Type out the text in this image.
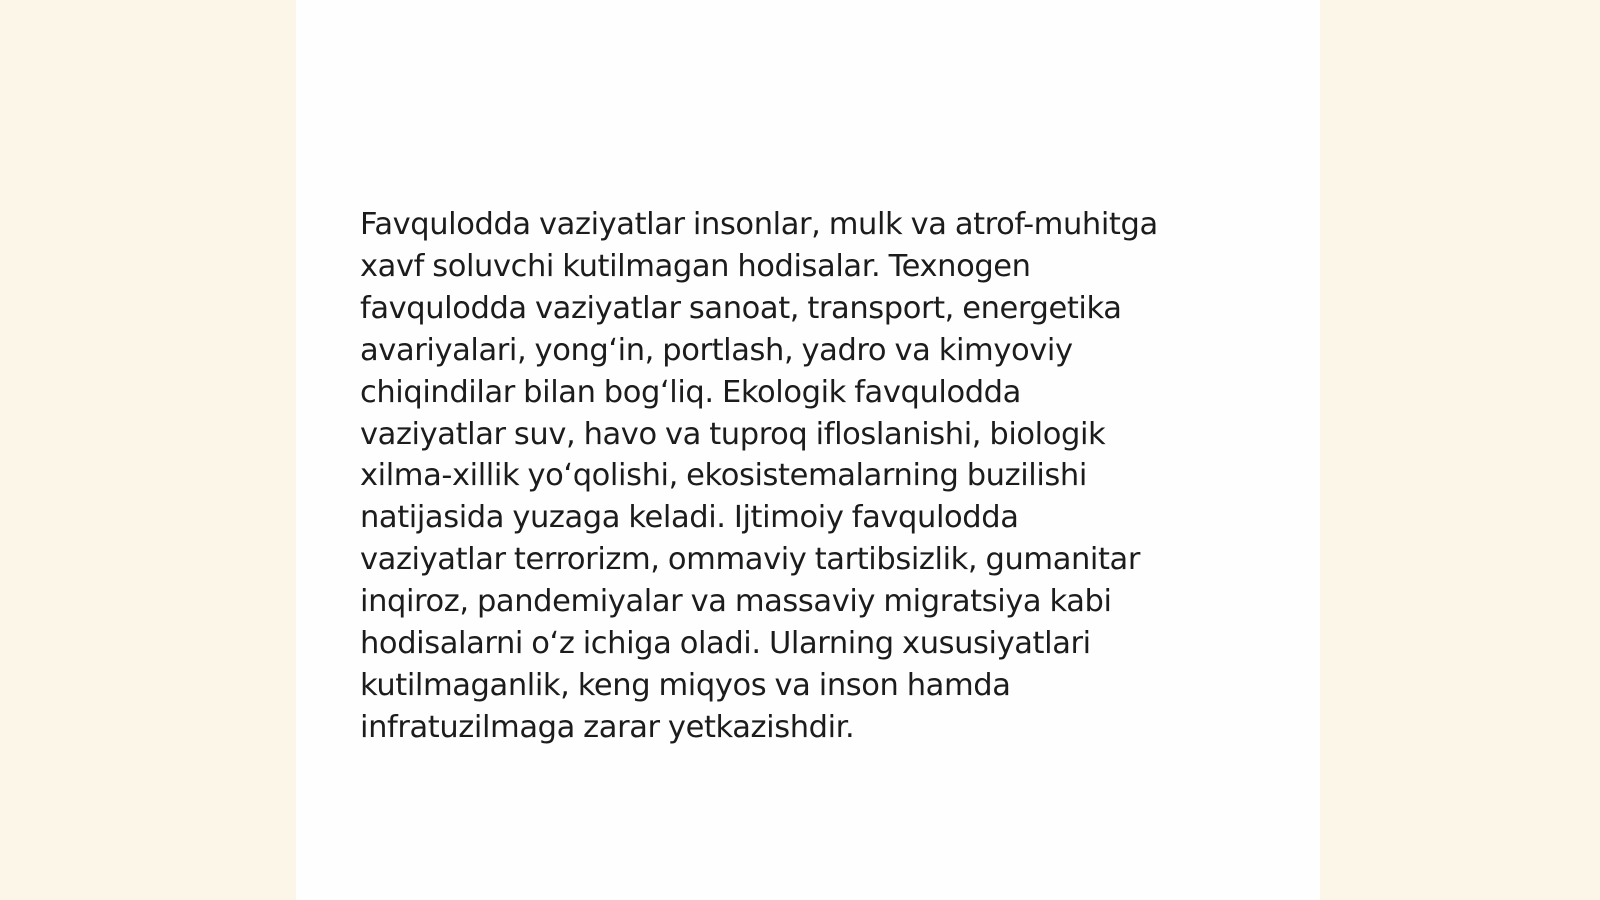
Favqulodda vaziyatlar insonlar, mulk va atrof-muhitga
xavf soluvchi kutilmagan hodisalar. Texnogen
favqulodda vaziyatlar sanoat, transport, energetika
avariyalari, yong‘in, portlash, yadro va kimyoviy
chiqindilar bilan bog‘liq. Ekologik favqulodda
vaziyatlar suv, havo va tuproq ifloslanishi, biologik
xilma-xillik yo‘qolishi, ekosistemalarning buzilishi
natijasida yuzaga keladi. Ijtimoiy favqulodda
vaziyatlar terrorizm, ommaviy tartibsizlik, gumanitar
inqiroz, pandemiyalar va massaviy migratsiya kabi
hodisalarni o‘z ichiga oladi. Ularning xususiyatlari
kutilmaganlik, keng miqyos va inson hamda
infratuzilmaga zarar yetkazishdir.
